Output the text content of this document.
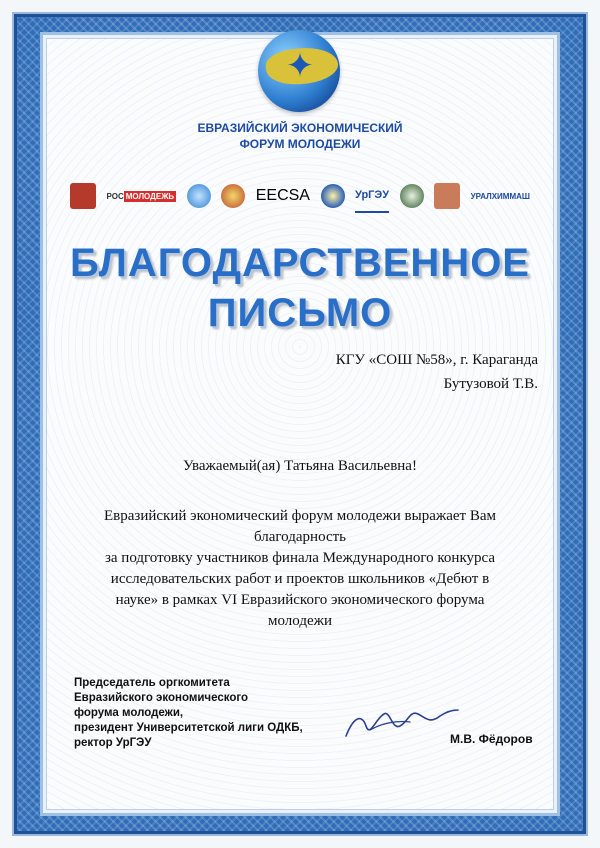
✦
ЕВРАЗИЙСКИЙ ЭКОНОМИЧЕСКИЙ
ФОРУМ МОЛОДЕЖИ
РОС МОЛОДЕЖЬ	EECSA	УрГЭУ	УРАЛХИММАШ
БЛАГОДАРСТВЕННОЕ
ПИСЬМО
КГУ «СОШ №58», г. Караганда
Бутузовой Т.В.
Уважаемый(ая) Татьяна Васильевна!

Евразийский экономический форум молодежи выражает Вам

благодарность

за подготовку участников финала Международного конкурса

исследовательских работ и проектов школьников «Дебют в

науке» в рамках VI Евразийского экономического форума

молодежи

Председатель оргкомитета
Евразийского экономического
форума молодежи,
президент Университетской лиги ОДКБ,
ректор УрГЭУ	М.В. Фёдоров
